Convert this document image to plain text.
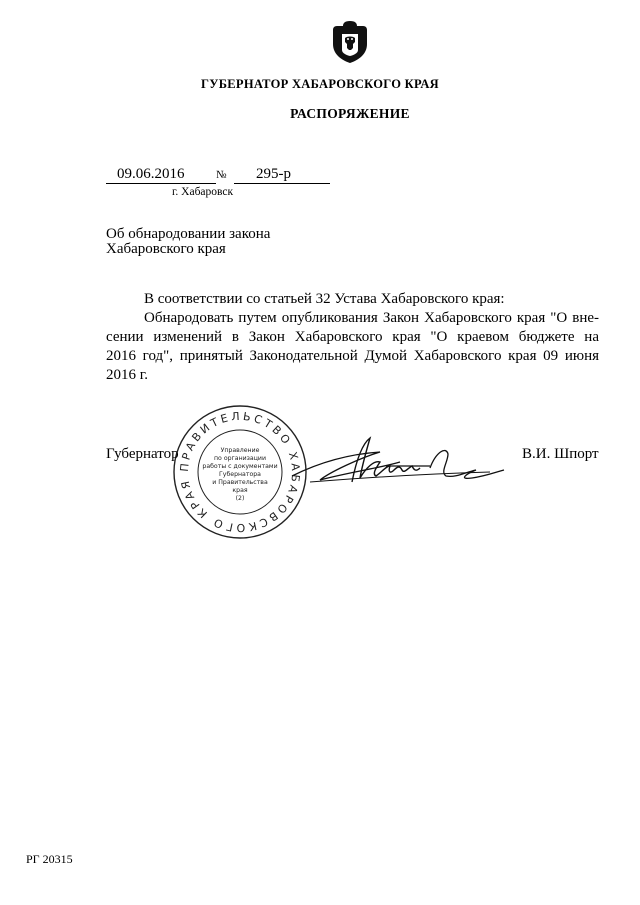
ГУБЕРНАТОР ХАБАРОВСКОГО КРАЯ
РАСПОРЯЖЕНИЕ
09.06.2016	№ 295-р
г. Хабаровск
Об обнародовании закона
Хабаровского края
В соответствии со статьей 32 Устава Хабаровского края:
Обнародовать путем опубликования Закон Хабаровского края "О вне-
сении изменений в Закон Хабаровского края "О краевом бюджете на
2016 год", принятый Законодательной Думой Хабаровского края 09 июня
2016 г.
ПРАВИТЕЛЬСТВО ХАБАРОВСКОГО КРАЯ
Управление
по организации
работы с документами
Губернатора
и Правительства
края
(2)
Губернатор	В.И. Шпорт
РГ 20315
